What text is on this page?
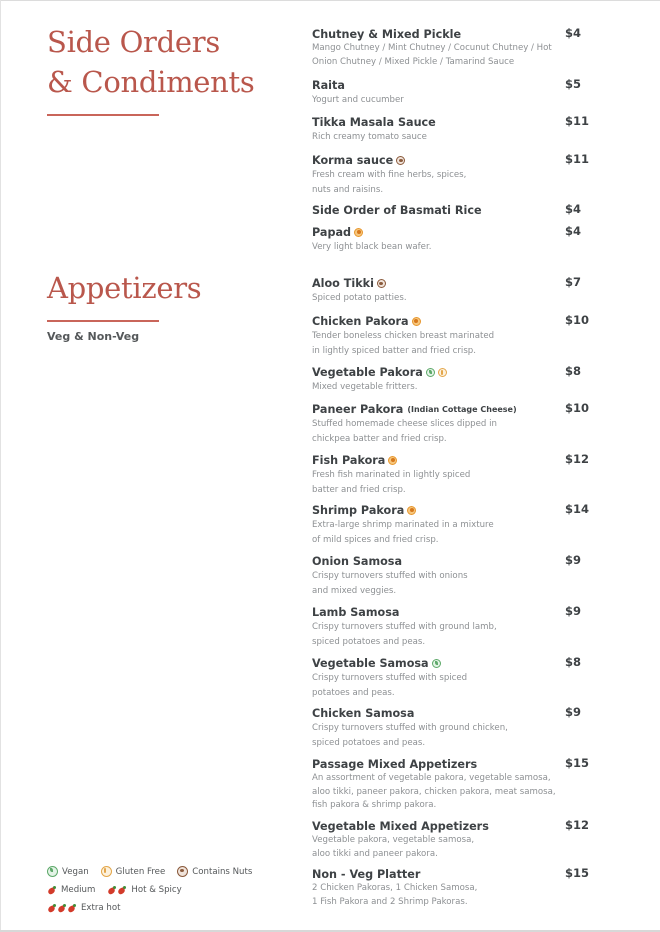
Side Orders
& Condiments
Appetizers
Veg & Non-Veg
Chutney & Mixed Pickle	$4
Mango Chutney / Mint Chutney / Cocunut Chutney / Hot
Onion Chutney / Mixed Pickle / Tamarind Sauce
Raita	$5
Yogurt and cucumber
Tikka Masala Sauce	$11
Rich creamy tomato sauce
Korma sauce	$11
Fresh cream with fine herbs, spices,
nuts and raisins.
Side Order of Basmati Rice	$4
Papad	$4
Very light black bean wafer.
Aloo Tikki	$7
Spiced potato patties.
Chicken Pakora	$10
Tender boneless chicken breast marinated
in lightly spiced batter and fried crisp.
Vegetable Pakora	$8
Mixed vegetable fritters.
Paneer Pakora (Indian Cottage Cheese)	$10
Stuffed homemade cheese slices dipped in
chickpea batter and fried crisp.
Fish Pakora	$12
Fresh fish marinated in lightly spiced
batter and fried crisp.
Shrimp Pakora	$14
Extra-large shrimp marinated in a mixture
of mild spices and fried crisp.
Onion Samosa	$9
Crispy turnovers stuffed with onions
and mixed veggies.
Lamb Samosa	$9
Crispy turnovers stuffed with ground lamb,
spiced potatoes and peas.
Vegetable Samosa	$8
Crispy turnovers stuffed with spiced
potatoes and peas.
Chicken Samosa	$9
Crispy turnovers stuffed with ground chicken,
spiced potatoes and peas.
Passage Mixed Appetizers	$15
An assortment of vegetable pakora, vegetable samosa,
aloo tikki, paneer pakora, chicken pakora, meat samosa,
fish pakora & shrimp pakora.
Vegetable Mixed Appetizers	$12
Vegetable pakora, vegetable samosa,
aloo tikki and paneer pakora.
Non - Veg Platter	$15
2 Chicken Pakoras, 1 Chicken Samosa,
1 Fish Pakora and 2 Shrimp Pakoras.
Vegan	Gluten Free	Contains Nuts
Medium	Hot & Spicy
Extra hot
